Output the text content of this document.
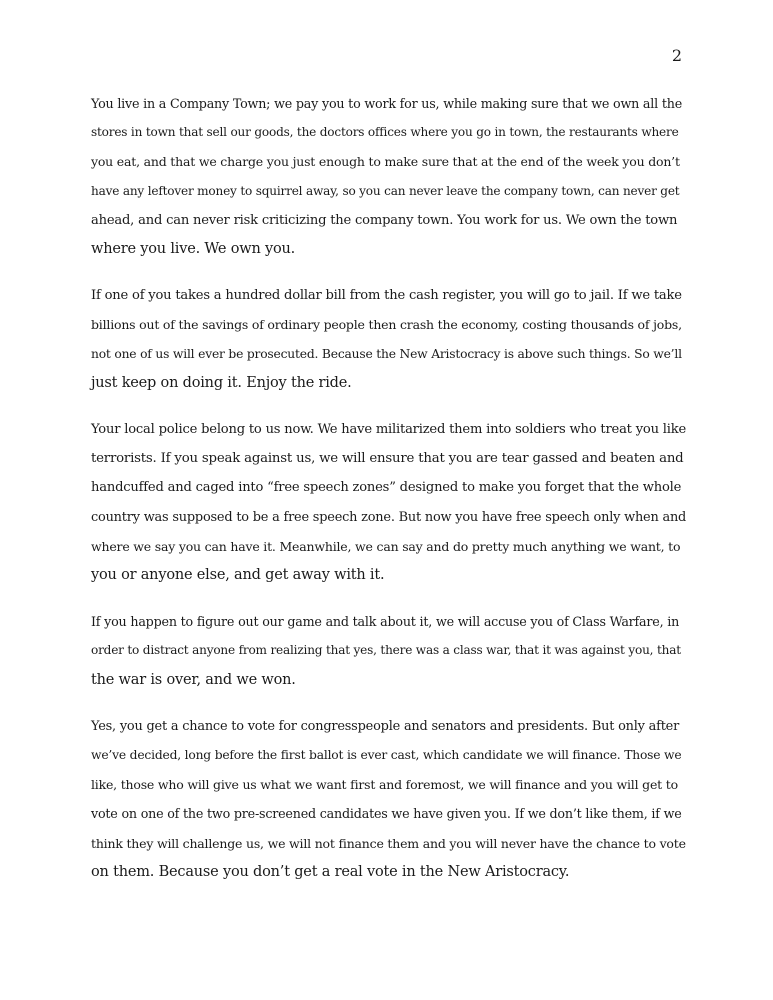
2

You live in a Company Town; we pay you to work for us, while making sure that we own all the
stores in town that sell our goods, the doctors offices where you go in town, the restaurants where
you eat, and that we charge you just enough to make sure that at the end of the week you don’t
have any leftover money to squirrel away, so you can never leave the company town, can never get
ahead, and can never risk criticizing the company town. You work for us. We own the town
where you live. We own you.

If one of you takes a hundred dollar bill from the cash register, you will go to jail. If we take
billions out of the savings of ordinary people then crash the economy, costing thousands of jobs,
not one of us will ever be prosecuted. Because the New Aristocracy is above such things. So we’ll
just keep on doing it. Enjoy the ride.

Your local police belong to us now. We have militarized them into soldiers who treat you like
terrorists. If you speak against us, we will ensure that you are tear gassed and beaten and
handcuffed and caged into “free speech zones” designed to make you forget that the whole
country was supposed to be a free speech zone. But now you have free speech only when and
where we say you can have it. Meanwhile, we can say and do pretty much anything we want, to
you or anyone else, and get away with it.

If you happen to figure out our game and talk about it, we will accuse you of Class Warfare, in
order to distract anyone from realizing that yes, there was a class war, that it was against you, that
the war is over, and we won.

Yes, you get a chance to vote for congresspeople and senators and presidents. But only after
we’ve decided, long before the first ballot is ever cast, which candidate we will finance. Those we
like, those who will give us what we want first and foremost, we will finance and you will get to
vote on one of the two pre-screened candidates we have given you. If we don’t like them, if we
think they will challenge us, we will not finance them and you will never have the chance to vote
on them. Because you don’t get a real vote in the New Aristocracy.
